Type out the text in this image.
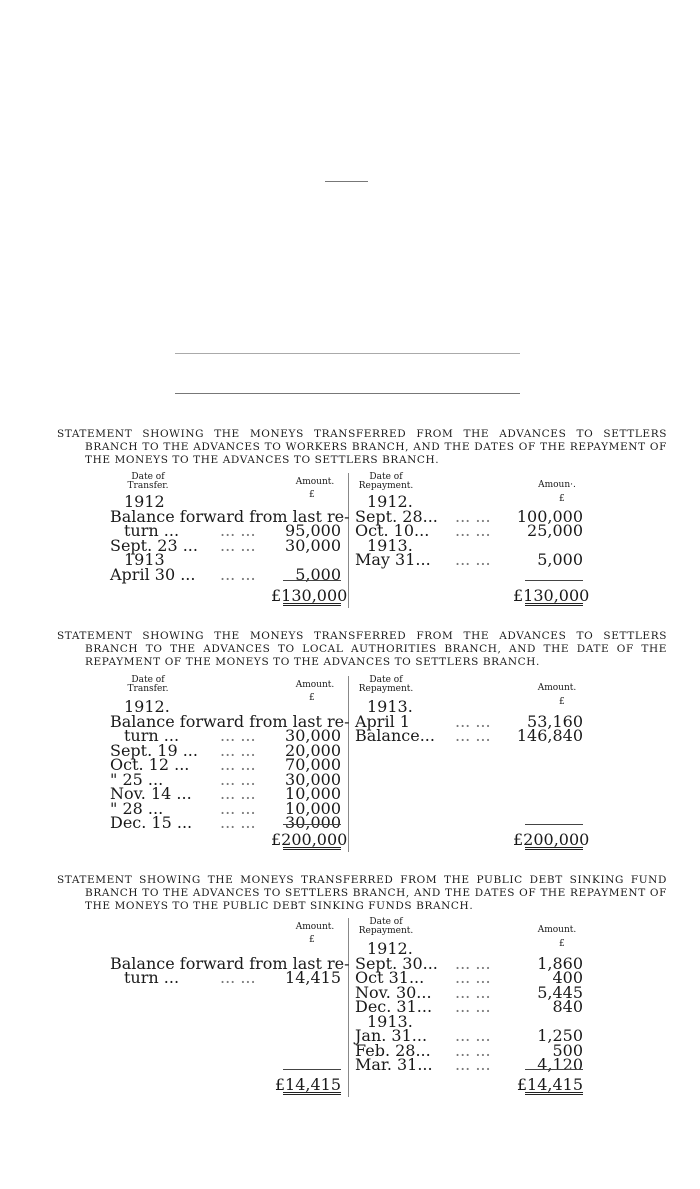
STATEMENT SHOWING THE MONEYS TRANSFERRED FROM THE ADVANCES TO SETTLERS BRANCH TO THE ADVANCES TO WORKERS BRANCH, AND THE DATES OF THE REPAYMENT OF THE MONEYS TO THE ADVANCES TO SETTLERS BRANCH.
Date of Transfer.	Amount.
£
Date of Repayment.	Amoun·.
£
1912
Balance forward from last re-
turn ...	... ... 95,000
Sept. 23 ... ... ... 30,000
1913
April 30 ... ... ...	5,000
1912.
Sept. 28... ... ... 100,000
Oct. 10... ... ...	25,000
1913.
May 31... ... ...	5,000
£130,000	£130,000
STATEMENT SHOWING THE MONEYS TRANSFERRED FROM THE ADVANCES TO SETTLERS BRANCH TO THE ADVANCES TO LOCAL AUTHORITIES BRANCH, AND THE DATE OF THE REPAYMENT OF THE MONEYS TO THE ADVANCES TO SETTLERS BRANCH.
Date of Transfer.	Amount.
£
Date of Repayment.	Amount.
£
1912.
Balance forward from last re-
turn ...	... ... 30,000
Sept. 19 ... ... ... 20,000
Oct. 12 ... ... ... 70,000
" 25 ...	... ... 30,000
Nov. 14 ... ... ... 10,000
" 28 ...	... ... 10,000
Dec. 15 ... ... ... 30,000
1913.
April 1	... ...	53,160
Balance... ... ... 146,840
£200,000	£200,000
STATEMENT SHOWING THE MONEYS TRANSFERRED FROM THE PUBLIC DEBT SINKING FUND BRANCH TO THE ADVANCES TO SETTLERS BRANCH, AND THE DATES OF THE REPAYMENT OF THE MONEYS TO THE PUBLIC DEBT SINKING FUNDS BRANCH.
Amount.
£
Date of Repayment.	Amount.
£
Balance forward from last re-
turn ...	... ... 14,415
1912.
Sept. 30... ... ...	1,860
Oct 31... ... ...	400
Nov. 30... ... ...	5,445
Dec. 31... ... ...	840
1913.
Jan. 31... ... ...	1,250
Feb. 28... ... ...	500
Mar. 31... ... ...	4,120
£14,415	£14,415
